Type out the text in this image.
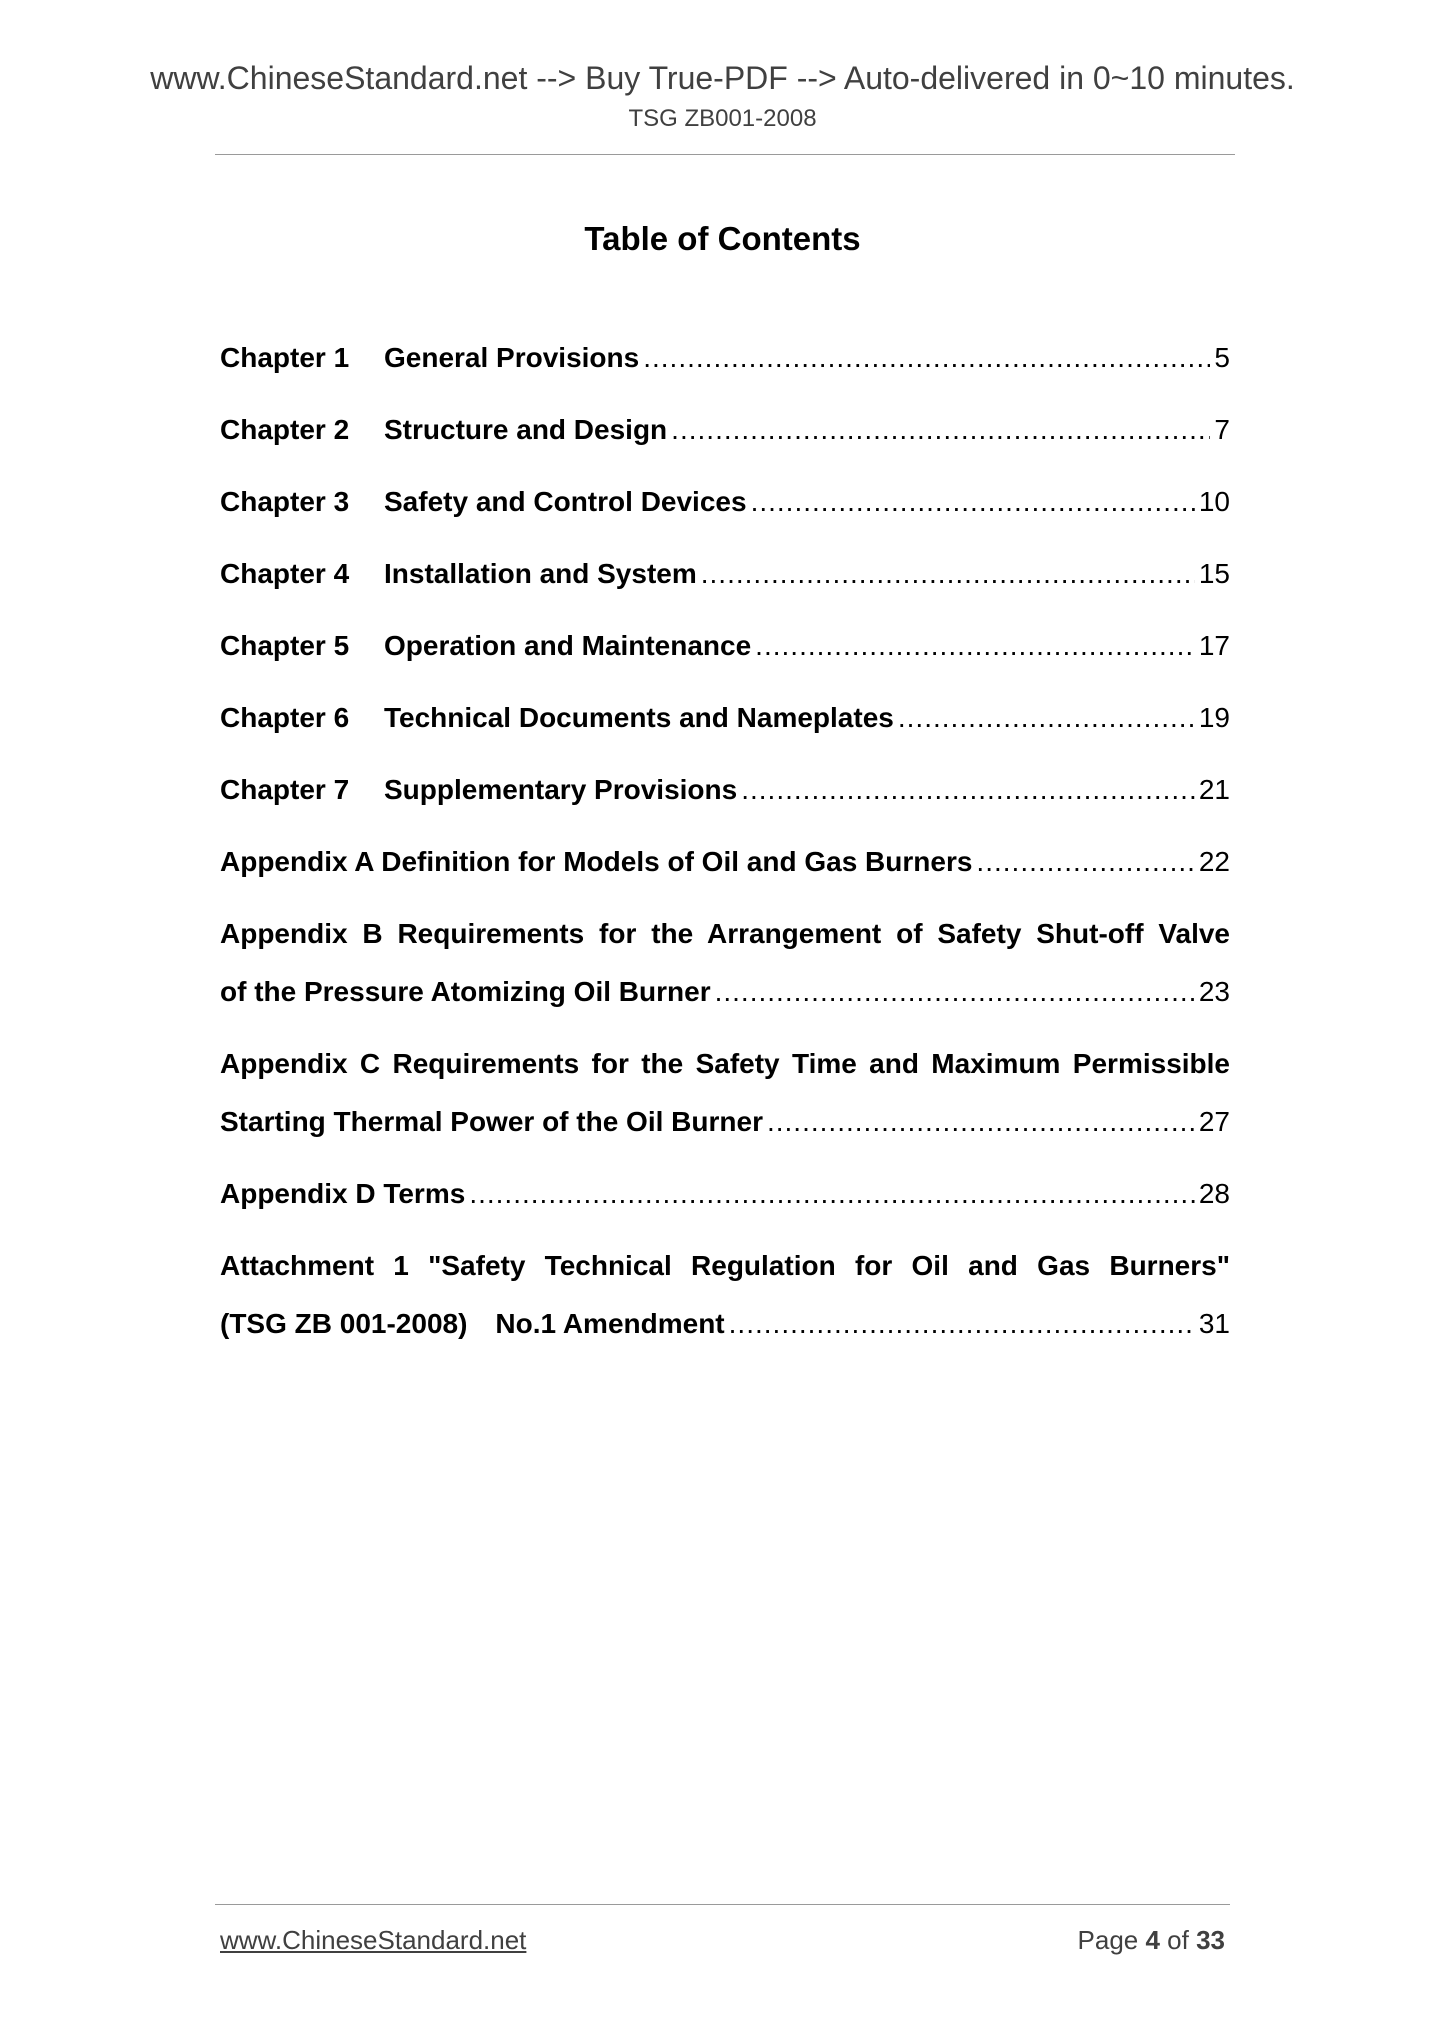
www.ChineseStandard.net --> Buy True-PDF --> Auto-delivered in 0~10 minutes.
TSG ZB001-2008
Table of Contents
Chapter 1 General Provisions .....	5
Chapter 2 Structure and Design .....	7
Chapter 3 Safety and Control Devices .....	10
Chapter 4 Installation and System .....	15
Chapter 5 Operation and Maintenance .....	17
Chapter 6 Technical Documents and Nameplates .....	19
Chapter 7 Supplementary Provisions .....	21
Appendix A Definition for Models of Oil and Gas Burners .....	22
Appendix B Requirements for the Arrangement of Safety Shut-off Valve
of the Pressure Atomizing Oil Burner .....	23
Appendix C Requirements for the Safety Time and Maximum Permissible
Starting Thermal Power of the Oil Burner .....	27
Appendix D Terms .....	28
Attachment 1 "Safety Technical Regulation for Oil and Gas Burners"
(TSG ZB 001-2008)　No.1 Amendment .....	31
www.ChineseStandard.net	Page 4 of 33
